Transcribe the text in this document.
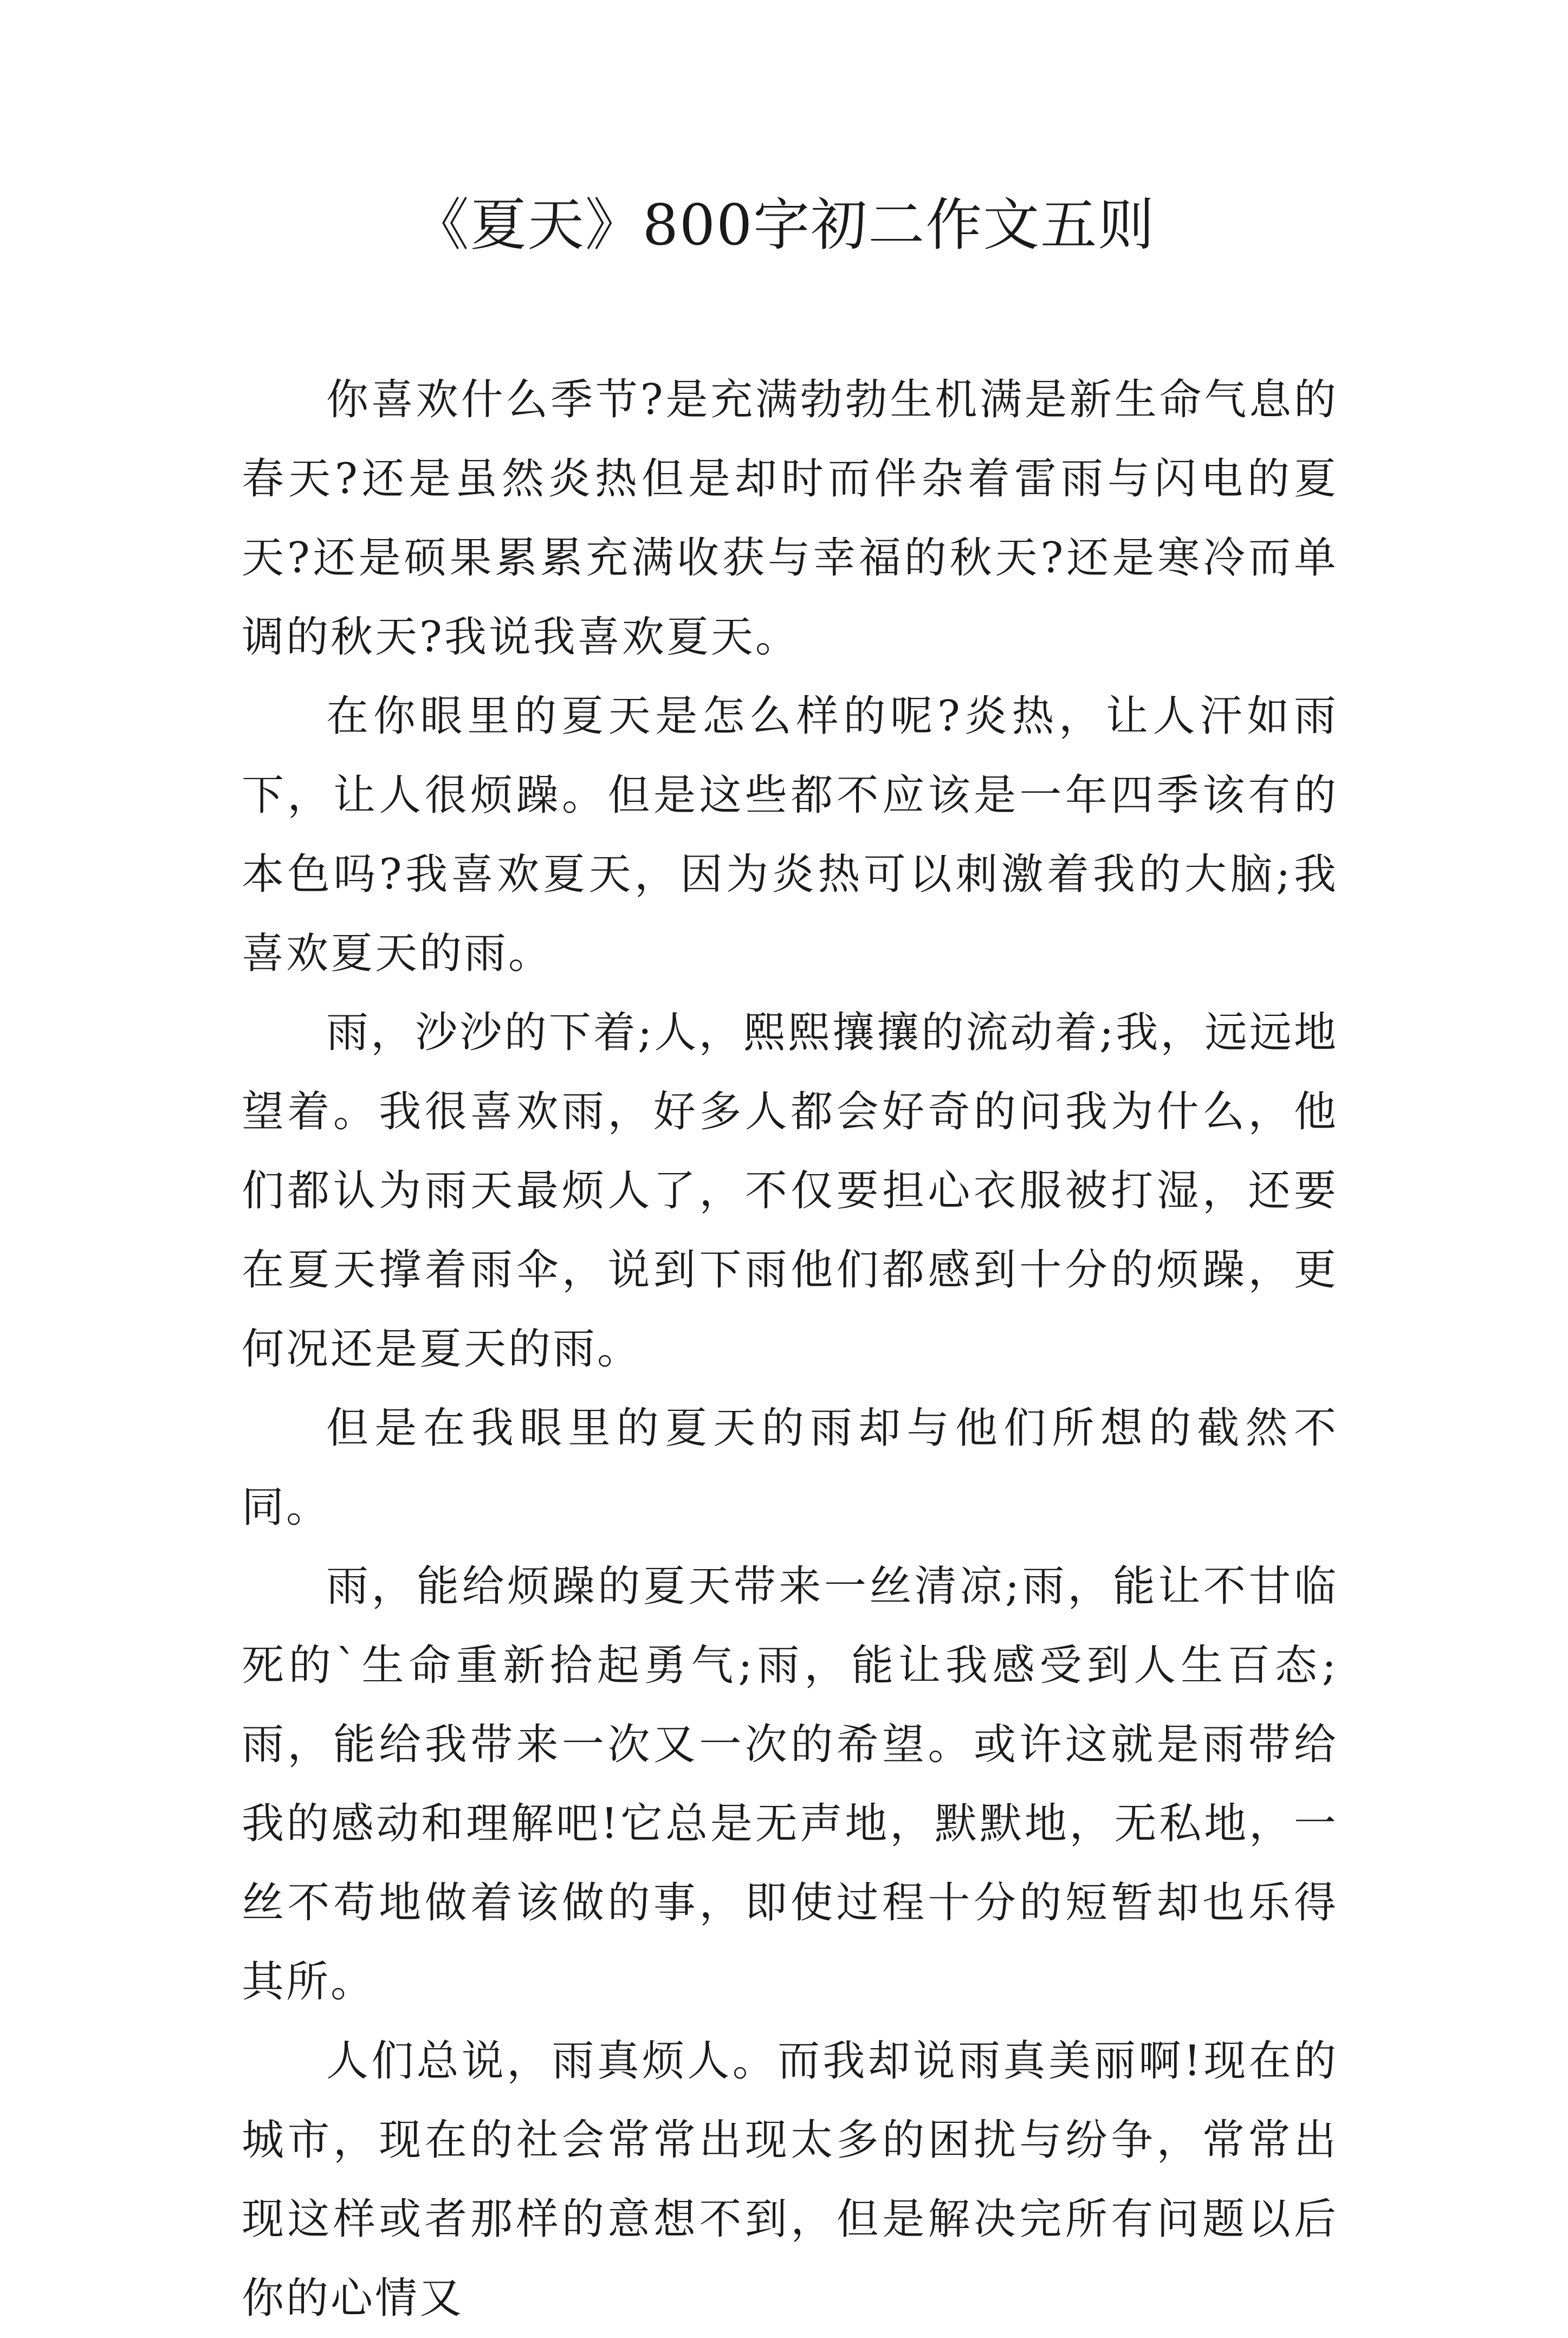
《夏天》800字初二作文五则

你喜欢什么季节?是充满勃勃生机满是新生命气息的春天?还是虽然炎热但是却时而伴杂着雷雨与闪电的夏天?还是硕果累累充满收获与幸福的秋天?还是寒冷而单调的秋天?我说我喜欢夏天。

在你眼里的夏天是怎么样的呢?炎热，让人汗如雨下，让人很烦躁。但是这些都不应该是一年四季该有的本色吗?我喜欢夏天，因为炎热可以刺激着我的大脑;我喜欢夏天的雨。

雨，沙沙的下着;人，熙熙攘攘的流动着;我，远远地望着。我很喜欢雨，好多人都会好奇的问我为什么，他们都认为雨天最烦人了，不仅要担心衣服被打湿，还要在夏天撑着雨伞，说到下雨他们都感到十分的烦躁，更何况还是夏天的雨。

但是在我眼里的夏天的雨却与他们所想的截然不同。

雨，能给烦躁的夏天带来一丝清凉;雨，能让不甘临死的`生命重新拾起勇气;雨，能让我感受到人生百态;雨，能给我带来一次又一次的希望。或许这就是雨带给我的感动和理解吧!它总是无声地，默默地，无私地，一丝不苟地做着该做的事，即使过程十分的短暂却也乐得其所。

人们总说，雨真烦人。而我却说雨真美丽啊!现在的城市，现在的社会常常出现太多的困扰与纷争，常常出现这样或者那样的意想不到，但是解决完所有问题以后你的心情又
